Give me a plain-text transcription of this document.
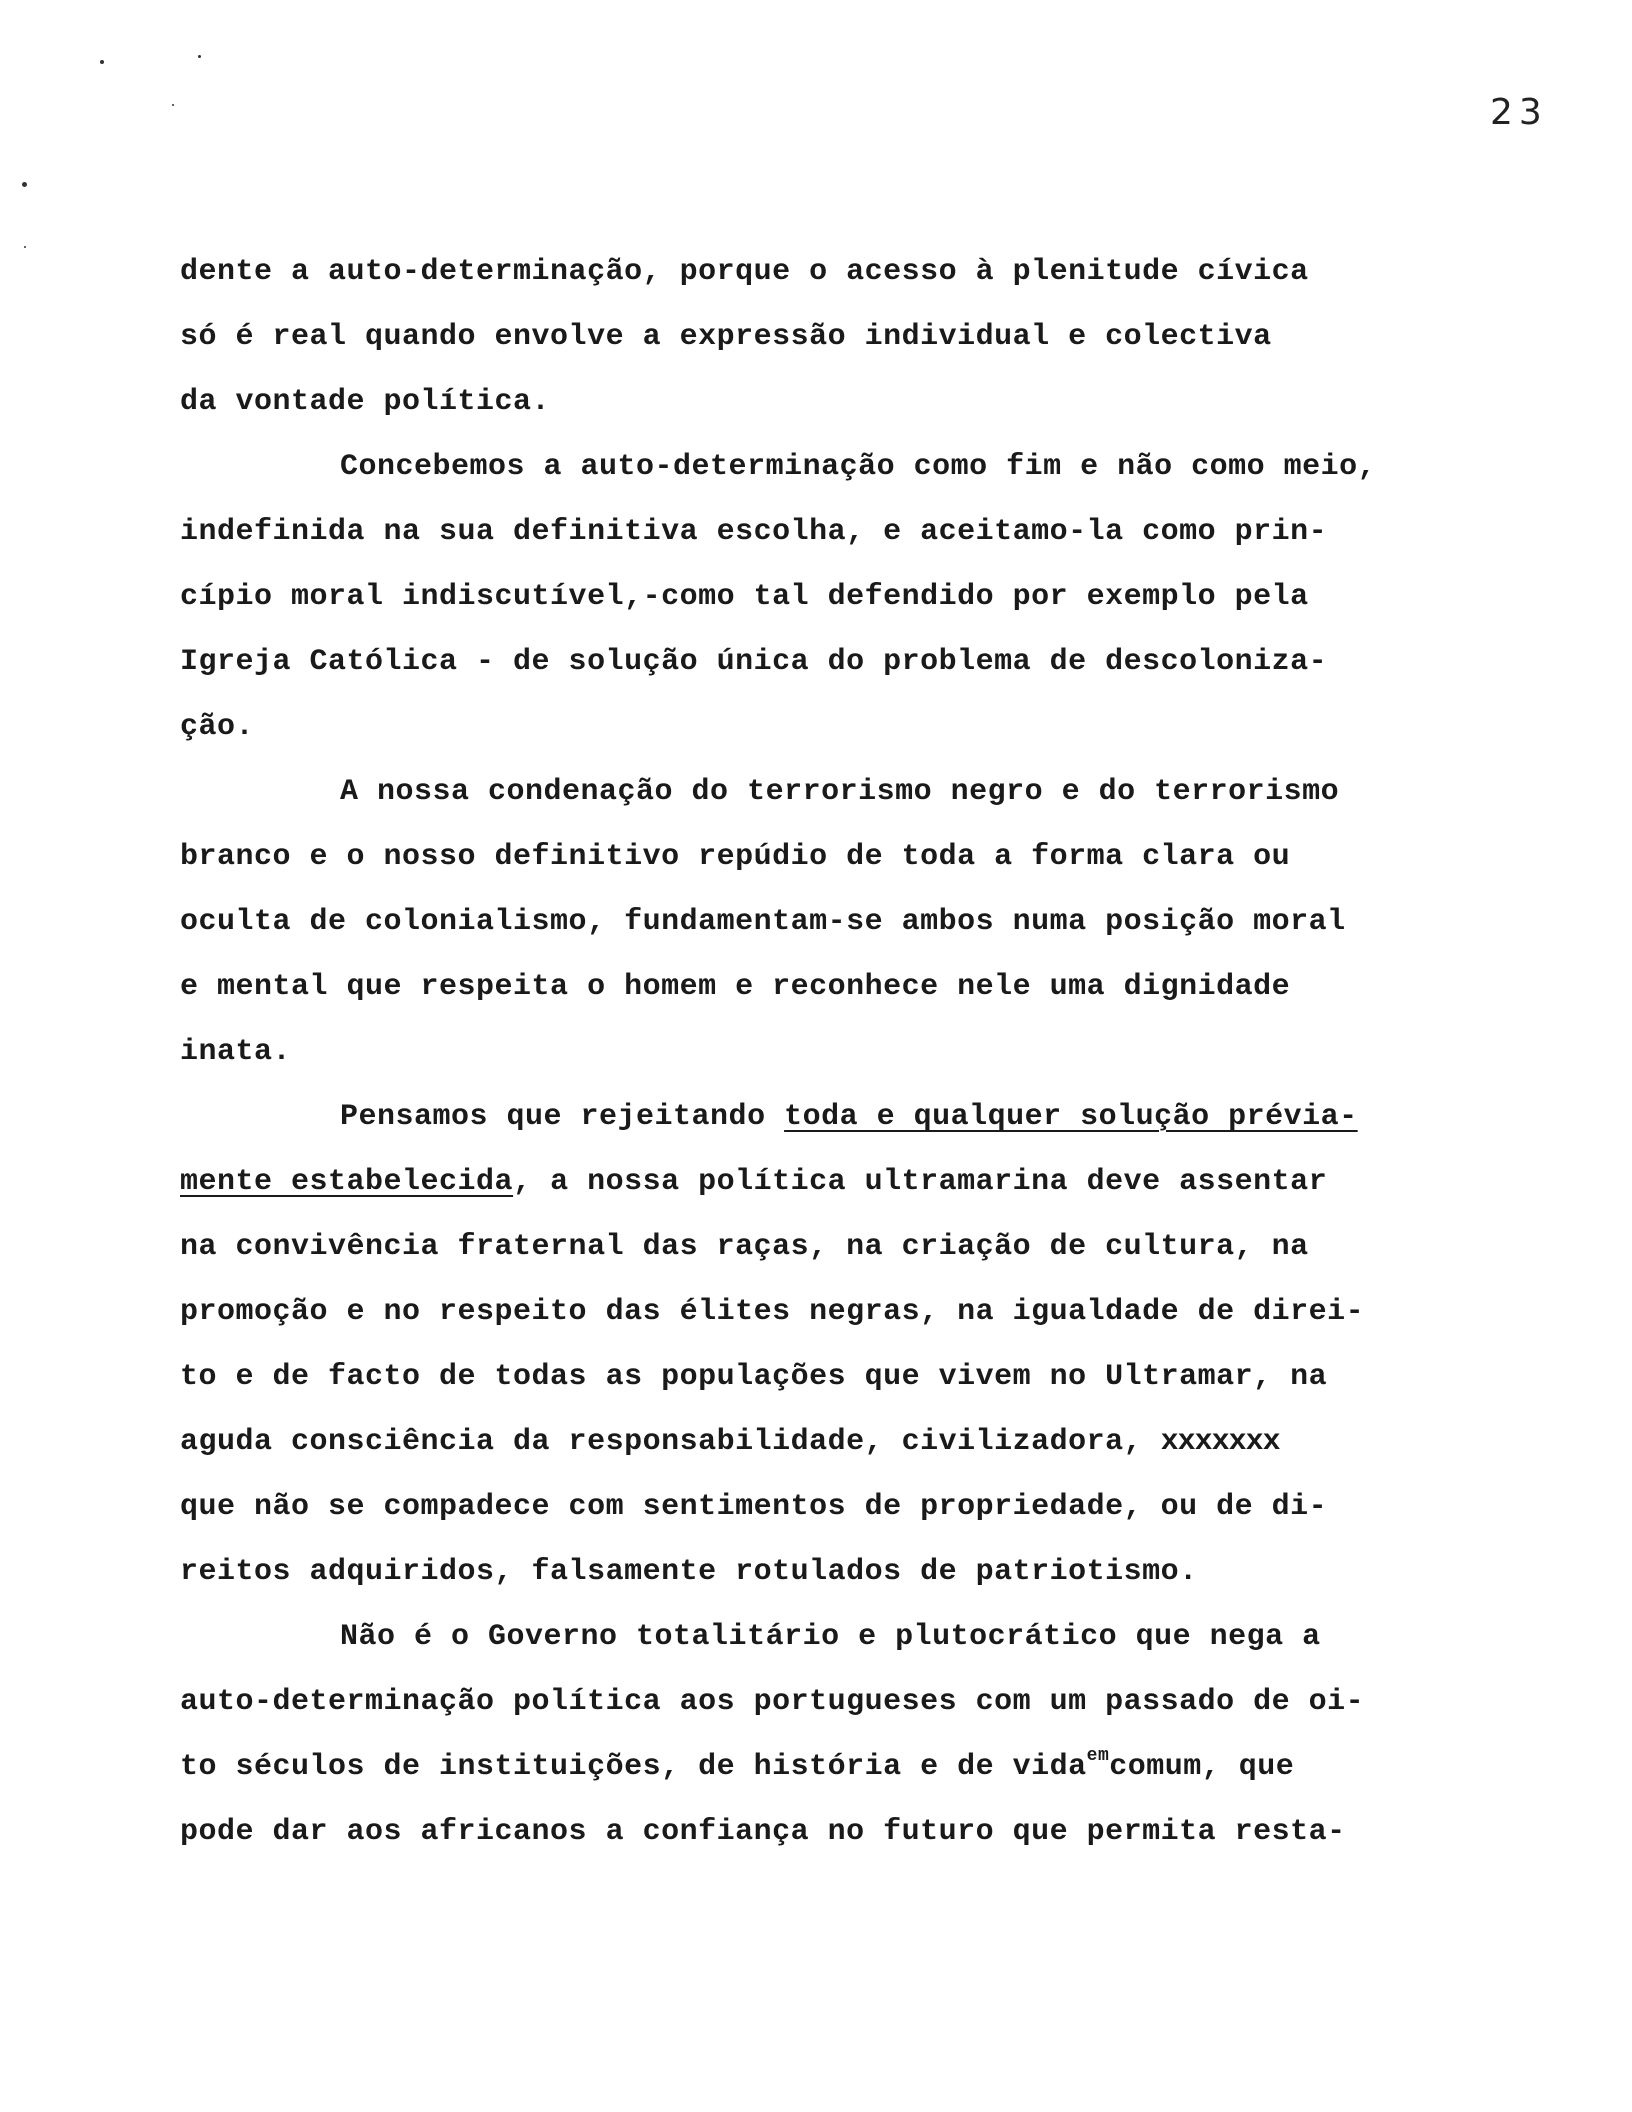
23
dente a auto-determinação, porque o acesso à plenitude cívica
só é real quando envolve a expressão individual e colectiva
da vontade política.
Concebemos a auto-determinação como fim e não como meio,
indefinida na sua definitiva escolha, e aceitamo-la como prin-
cípio moral indiscutível,-como tal defendido por exemplo pela
Igreja Católica - de solução única do problema de descoloniza-
ção.
A nossa condenação do terrorismo negro e do terrorismo
branco e o nosso definitivo repúdio de toda a forma clara ou
oculta de colonialismo, fundamentam-se ambos numa posição moral
e mental que respeita o homem e reconhece nele uma dignidade
inata.
Pensamos que rejeitando toda e qualquer solução prévia-
mente estabelecida, a nossa política ultramarina deve assentar
na convivência fraternal das raças, na criação de cultura, na
promoção e no respeito das élites negras, na igualdade de direi-
to e de facto de todas as populações que vivem no Ultramar, na
aguda consciência da responsabilidade, civilizadora, xxxxxxx
que não se compadece com sentimentos de propriedade, ou de di-
reitos adquiridos, falsamente rotulados de patriotismo.
Não é o Governo totalitário e plutocrático que nega a
auto-determinação política aos portugueses com um passado de oi-
to séculos de instituições, de história e de vida$^{em}$comum, que
pode dar aos africanos a confiança no futuro que permita resta-
